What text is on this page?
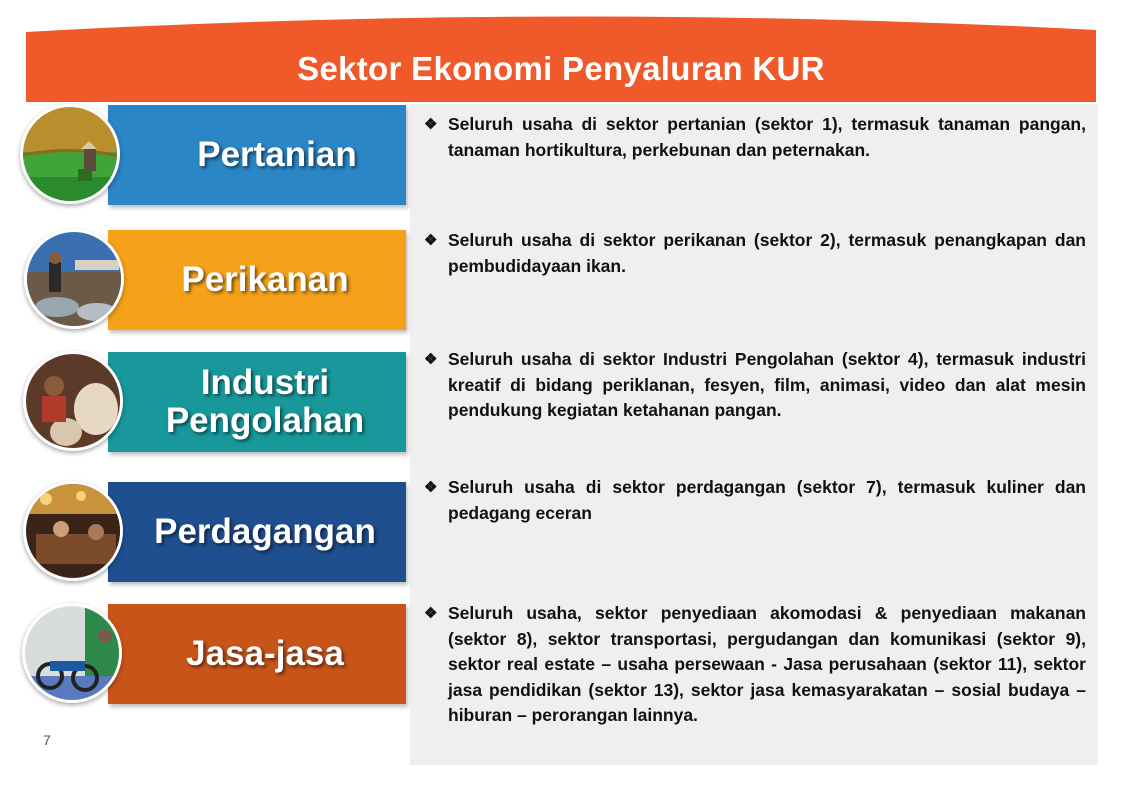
Sektor Ekonomi Penyaluran KUR
Pertanian
Perikanan
Industri
Pengolahan
Perdagangan
Jasa-jasa
❖ Seluruh usaha di sektor pertanian (sektor 1), termasuk tanaman pangan, tanaman hortikultura, perkebunan dan peternakan.
❖ Seluruh usaha di sektor perikanan (sektor 2), termasuk penangkapan dan pembudidayaan ikan.
❖ Seluruh usaha di sektor Industri Pengolahan (sektor 4), termasuk industri kreatif di bidang periklanan, fesyen, film, animasi, video dan alat mesin pendukung kegiatan ketahanan pangan.
❖ Seluruh usaha di sektor perdagangan (sektor 7), termasuk kuliner dan pedagang eceran
❖ Seluruh usaha, sektor penyediaan akomodasi & penyediaan makanan (sektor 8), sektor transportasi, pergudangan dan komunikasi (sektor 9), sektor real estate – usaha persewaan - Jasa perusahaan (sektor 11), sektor jasa pendidikan (sektor 13), sektor jasa kemasyarakatan – sosial budaya – hiburan – perorangan lainnya.
7
